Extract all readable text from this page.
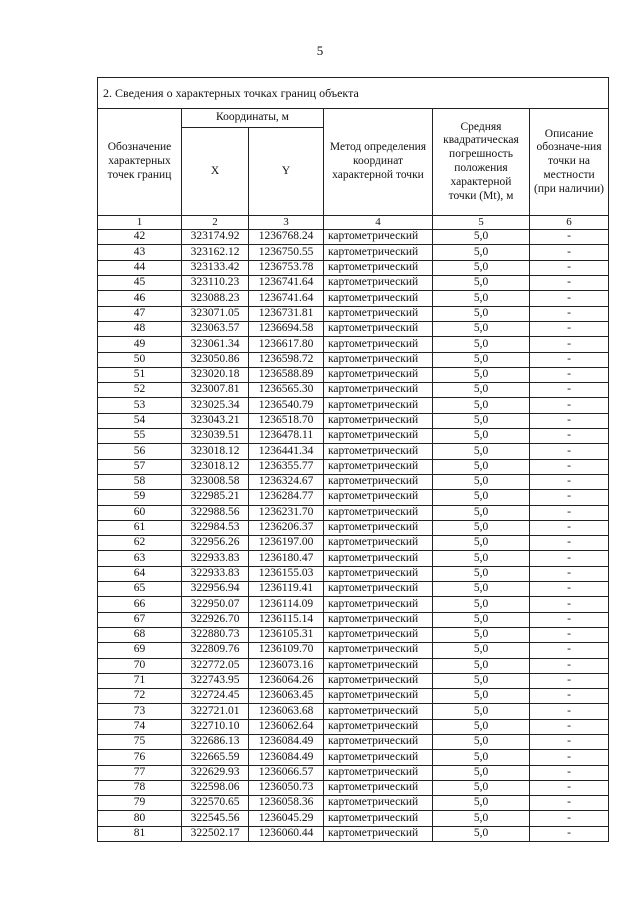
5
2. Сведения о характерных точках границ объекта					
Обозначение характерных точек границ	Координаты, м		Метод определения координат характерной точки	Средняя квадратическая погрешность положения характерной точки (Mt), м	Описание обозначе-ния точки на местности (при наличии)
	X	Y			
1	2	3	4	5	6
42	323174.92	1236768.24	картометрический	5,0	-
43	323162.12	1236750.55	картометрический	5,0	-
44	323133.42	1236753.78	картометрический	5,0	-
45	323110.23	1236741.64	картометрический	5,0	-
46	323088.23	1236741.64	картометрический	5,0	-
47	323071.05	1236731.81	картометрический	5,0	-
48	323063.57	1236694.58	картометрический	5,0	-
49	323061.34	1236617.80	картометрический	5,0	-
50	323050.86	1236598.72	картометрический	5,0	-
51	323020.18	1236588.89	картометрический	5,0	-
52	323007.81	1236565.30	картометрический	5,0	-
53	323025.34	1236540.79	картометрический	5,0	-
54	323043.21	1236518.70	картометрический	5,0	-
55	323039.51	1236478.11	картометрический	5,0	-
56	323018.12	1236441.34	картометрический	5,0	-
57	323018.12	1236355.77	картометрический	5,0	-
58	323008.58	1236324.67	картометрический	5,0	-
59	322985.21	1236284.77	картометрический	5,0	-
60	322988.56	1236231.70	картометрический	5,0	-
61	322984.53	1236206.37	картометрический	5,0	-
62	322956.26	1236197.00	картометрический	5,0	-
63	322933.83	1236180.47	картометрический	5,0	-
64	322933.83	1236155.03	картометрический	5,0	-
65	322956.94	1236119.41	картометрический	5,0	-
66	322950.07	1236114.09	картометрический	5,0	-
67	322926.70	1236115.14	картометрический	5,0	-
68	322880.73	1236105.31	картометрический	5,0	-
69	322809.76	1236109.70	картометрический	5,0	-
70	322772.05	1236073.16	картометрический	5,0	-
71	322743.95	1236064.26	картометрический	5,0	-
72	322724.45	1236063.45	картометрический	5,0	-
73	322721.01	1236063.68	картометрический	5,0	-
74	322710.10	1236062.64	картометрический	5,0	-
75	322686.13	1236084.49	картометрический	5,0	-
76	322665.59	1236084.49	картометрический	5,0	-
77	322629.93	1236066.57	картометрический	5,0	-
78	322598.06	1236050.73	картометрический	5,0	-
79	322570.65	1236058.36	картометрический	5,0	-
80	322545.56	1236045.29	картометрический	5,0	-
81	322502.17	1236060.44	картометрический	5,0	-
